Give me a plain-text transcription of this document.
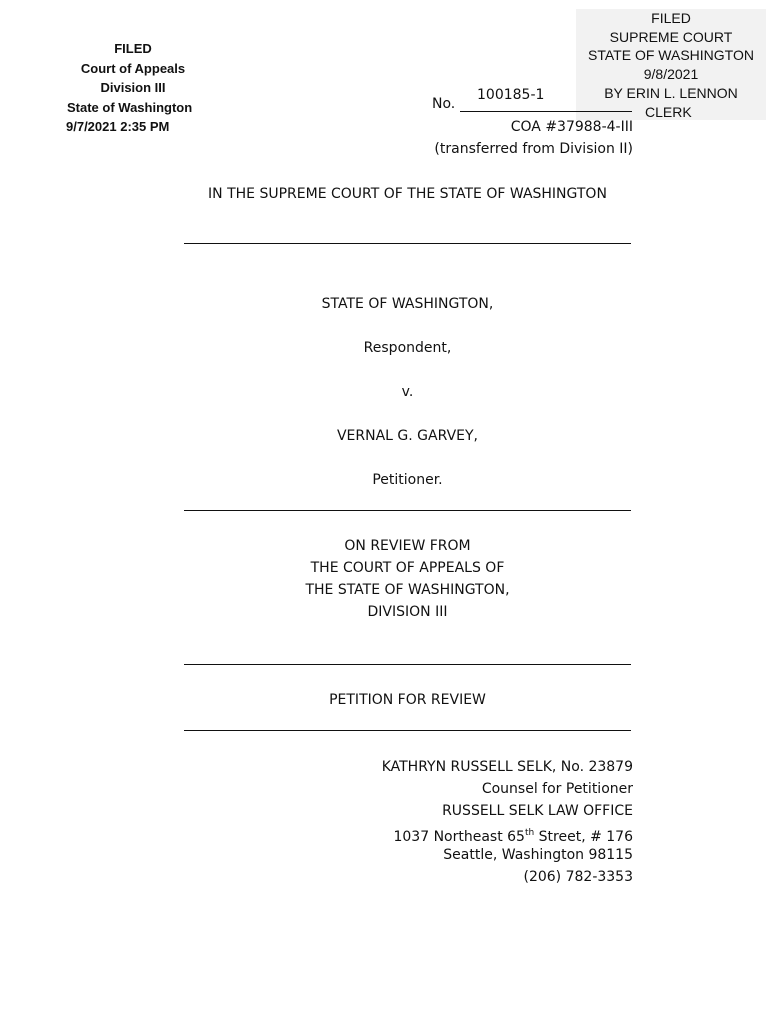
FILED
Court of Appeals
Division III
State of Washington
9/7/2021 2:35 PM
FILED
SUPREME COURT
STATE OF WASHINGTON
9/8/2021
BY ERIN L. LENNON
CLERK
No.
100185-1
COA #37988-4-III
(transferred from Division II)
IN THE SUPREME COURT OF THE STATE OF WASHINGTON
STATE OF WASHINGTON,
Respondent,
v.
VERNAL G. GARVEY,
Petitioner.
ON REVIEW FROM
THE COURT OF APPEALS OF
THE STATE OF WASHINGTON,
DIVISION III
PETITION FOR REVIEW
KATHRYN RUSSELL SELK, No. 23879
Counsel for Petitioner
RUSSELL SELK LAW OFFICE
1037 Northeast 65th Street, # 176
Seattle, Washington 98115
(206) 782-3353
